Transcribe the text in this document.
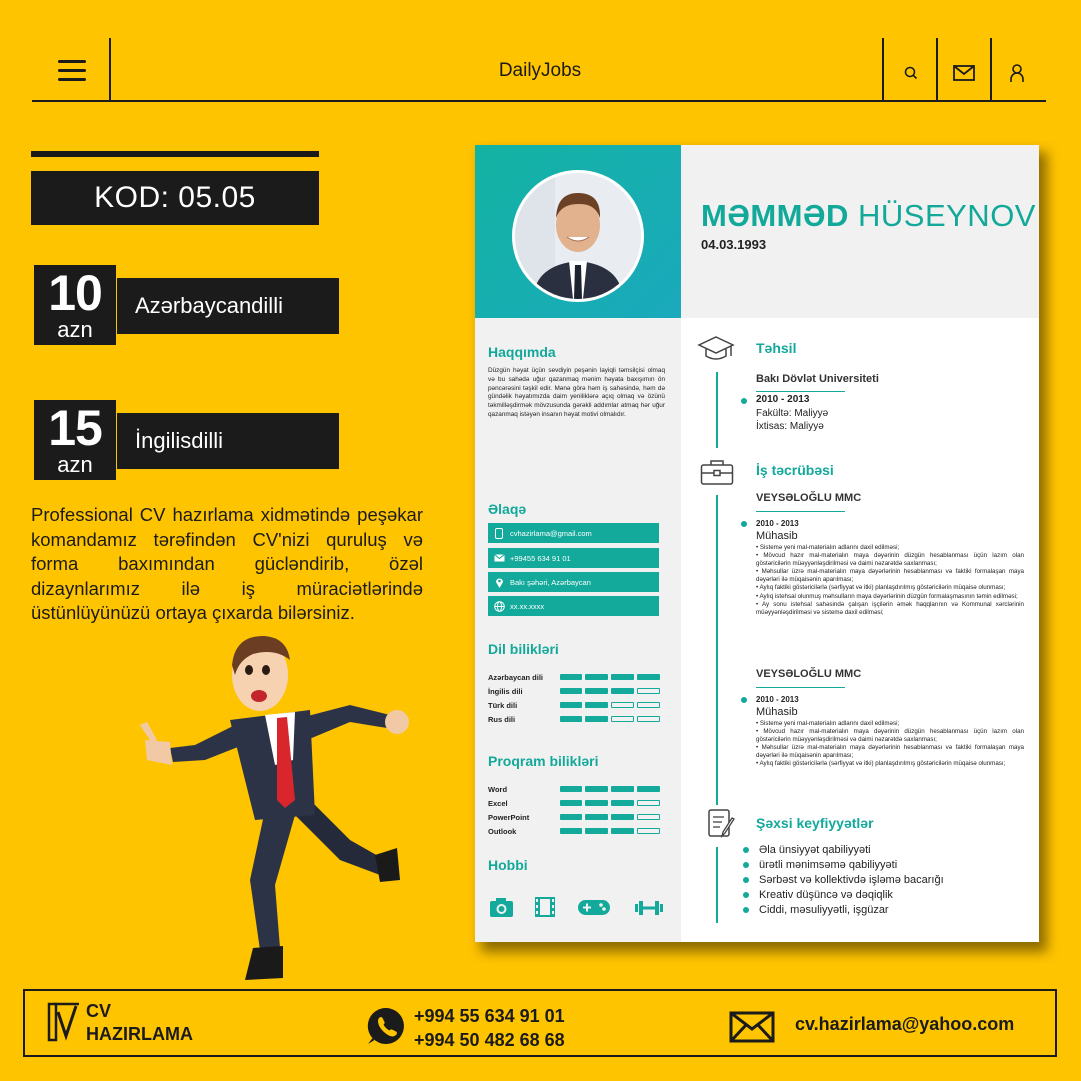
DailyJobs
KOD: 05.05
10
azn
Azərbaycandilli
15
azn
İngilisdilli
Professional CV hazırlama xidmətində peşəkar komandamız tərəfindən CV'nizi quruluş və forma baxımından gücləndirib, özəl dizaynlarımız ilə iş müraciətlərində üstünlüyünüzü ortaya çıxarda bilərsiniz.
MƏMMƏD HÜSEYNOV
04.03.1993
Haqqımda
Düzgün həyat üçün sevdiyin peşənin layiqli təmsilçisi olmaq və bu sahədə uğur qazanmaq mənim həyata baxışımın ön pəncərəsini təşkil edir. Mənə görə həm iş sahəsində, həm də gündəlik həyatımızda daim yeniliklərə açıq olmaq və özünü təkmilləşdirmək mövzusunda gərəkli addımlar atmaq hər uğur qazanmaq istəyən insanın həyat motivi olmalıdır.
Əlaqə
cvhazirlama@gmail.com
+99455 634 91 01
Bakı şəhəri, Azərbaycan
xx.xx.xxxx
Dil bilikləri
Proqram bilikləri
Hobbi
Təhsil
Bakı Dövlət Universiteti
2010 - 2013
Fakültə: Maliyyə
İxtisas: Maliyyə
İş təcrübəsi
VEYSƏLOĞLU MMC
2010 - 2013
Mühasib
• Sistemə yeni mal-materialın adlarını daxil edilməsi;
• Mövcud hazır mal-materialın maya dəyərinin düzgün hesablanması üçün lazım olan göstəricilərin müəyyənləşdirilməsi və daimi nəzarətdə saxlanması;
• Məhsullar üzrə mal-materialın maya dəyərlərinin hesablanması və faktiki formalaşan maya dəyərləri ilə müqaisənin aparılması;
• Aylıq faktiki göstəricilərlə (sərfiyyat və itki) planlaşdırılmış göstəricilərin müqaisə olunması;
• Aylıq istehsal olunmuş məhsulların maya dəyərlərinin düzgün formalaşmasının təmin edilməsi;
• Ay sonu istehsal sahəsində çalışan işçilərin əmək haqqlarının və Kommunal xərclərinin müəyyənləşdirilməsi və sistemə daxil edilməsi;
VEYSƏLOĞLU MMC
2010 - 2013
Mühasib
• Sistemə yeni mal-materialın adlarını daxil edilməsi;
• Mövcud hazır mal-materialın maya dəyərinin düzgün hesablanması üçün lazım olan göstəricilərin müəyyənləşdirilməsi və daimi nəzarətdə saxlanması;
• Məhsullar üzrə mal-materialın maya dəyərlərinin hesablanması və faktiki formalaşan maya dəyərləri ilə müqaisənin aparılması;
• Aylıq faktiki göstəricilərlə (sərfiyyat və itki) planlaşdırılmış göstəricilərin müqaisə olunması;
Şəxsi keyfiyyətlər
Əla ünsiyyət qabiliyyəti
ürətli mənimsəmə qabiliyyəti
Sərbəst və kollektivdə işləmə bacarığı
Kreativ düşüncə və dəqiqlik
Ciddi, məsuliyyətli, işgüzar
Azərbaycan dili
İngilis dili
Türk dili
Rus dili
Word
Excel
PowerPoint
Outlook
CV
HAZIRLAMA
+994 55 634 91 01
+994 50 482 68 68
cv.hazirlama@yahoo.com
